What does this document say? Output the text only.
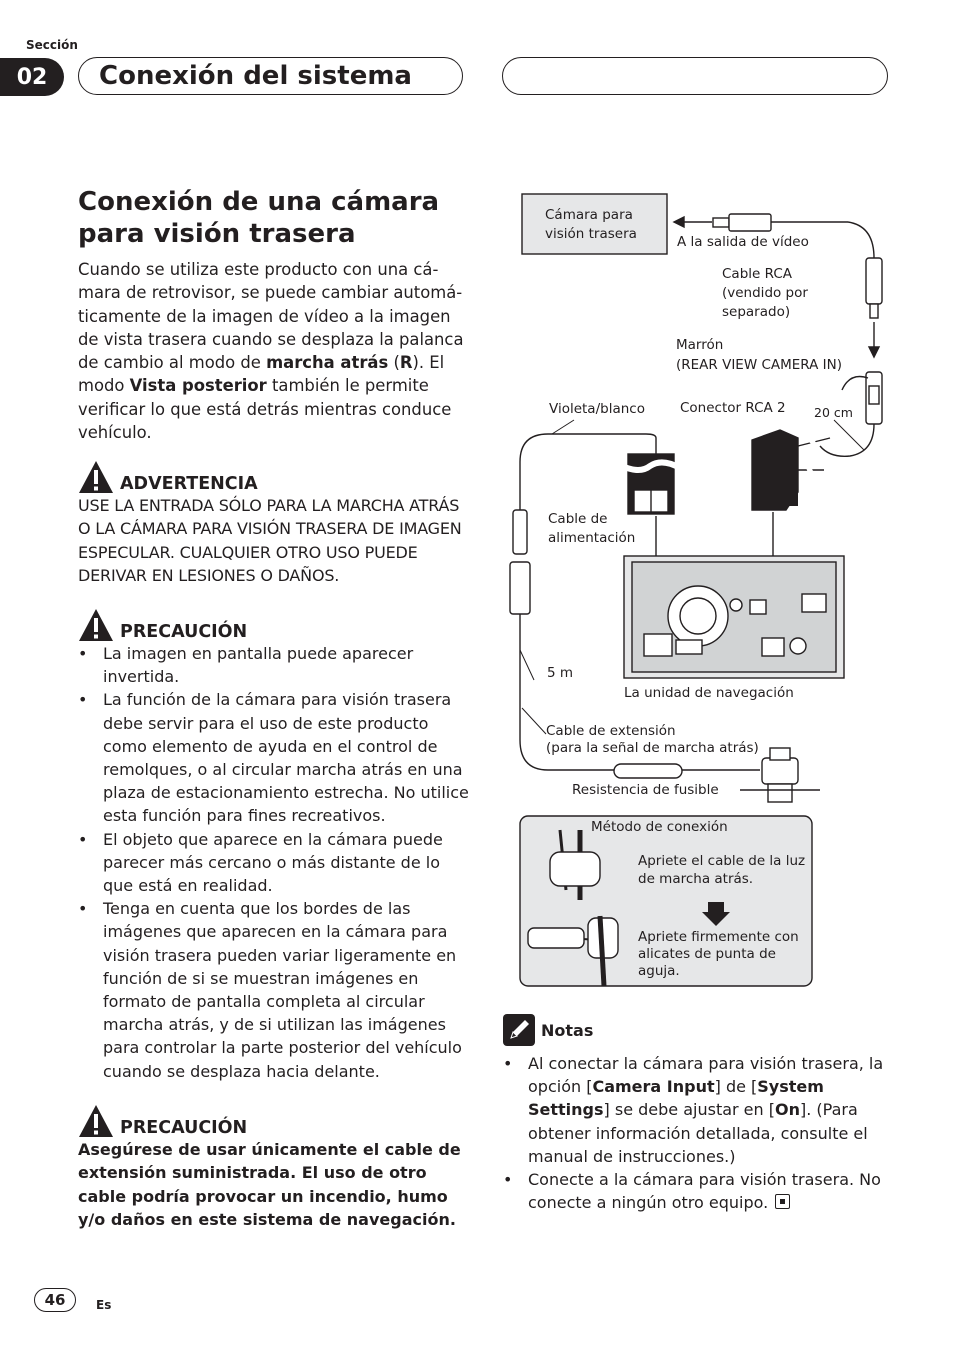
Sección
02	Conexión del sistema
Conexión de una cámara
para visión trasera

Cuando se utiliza este producto con una cámara de retrovisor, se puede cambiar automáticamente de la imagen de vídeo a la imagen de vista trasera cuando se desplaza la palanca de cambio al modo de marcha atrás (R). El modo Vista posterior también le permite verificar lo que está detrás mientras conduce vehículo.

ADVERTENCIA

USE LA ENTRADA SÓLO PARA LA MARCHA ATRÁS O LA CÁMARA PARA VISIÓN TRASERA DE IMAGEN ESPECULAR. CUALQUIER OTRO USO PUEDE DERIVAR EN LESIONES O DAÑOS.

PRECAUCIÓN
• La imagen en pantalla puede aparecer invertida.
• La función de la cámara para visión trasera debe servir para el uso de este producto como elemento de ayuda en el control de remolques, o al circular marcha atrás en una plaza de estacionamiento estrecha. No utilice esta función para fines recreativos.
• El objeto que aparece en la cámara puede parecer más cercano o más distante de lo que está en realidad.
• Tenga en cuenta que los bordes de las imágenes que aparecen en la cámara para visión trasera pueden variar ligeramente en función de si se muestran imágenes en formato de pantalla completa al circular marcha atrás, y de si utilizan las imágenes para controlar la parte posterior del vehículo cuando se desplaza hacia delante.
PRECAUCIÓN

Asegúrese de usar únicamente el cable de extensión suministrada. El uso de otro cable podría provocar un incendio, humo y/o daños en este sistema de navegación.

Cámara para
visión trasera	A la salida de vídeo
Cable RCA
(vendido por
separado)
Marrón
(REAR VIEW CAMERA IN)
Violeta/blanco	Conector RCA 2 20 cm
Cable de
alimentación
5 m
La unidad de navegación
Cable de extensión
(para la señal de marcha atrás)
Resistencia de fusible
Método de conexión
Apriete el cable de la luz
de marcha atrás.
Apriete firmemente con
alicates de punta de
aguja.
Notas
• Al conectar la cámara para visión trasera, la opción [Camera Input] de [System Settings] se debe ajustar en [On]. (Para obtener información detallada, consulte el manual de instrucciones.)
• Conecte a la cámara para visión trasera. No conecte a ningún otro equipo.
46	Es
